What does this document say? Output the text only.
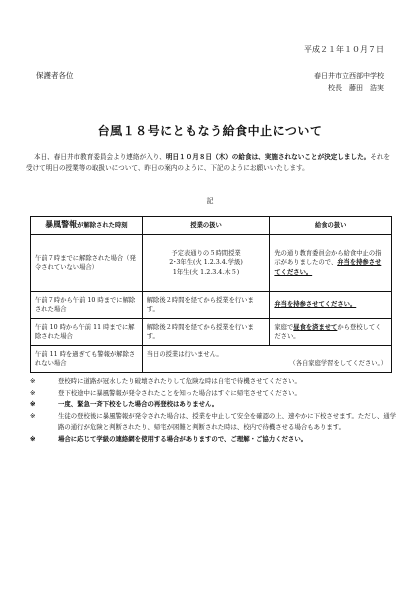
平成２１年１０月７日
保護者各位	春日井市立西部中学校
校長　藤田　浩実
台風１８号にともなう給食中止について
本日、春日井市教育委員会より連絡が入り、明日１０月８日（木）の給食は、実施されないことが決定しました。それを受けて明日の授業等の取扱いについて、昨日の案内のように、下記のようにお願いいたします。
記
暴風警報が解除された時刻	授業の扱い	給食の扱い
午前７時までに解除された場合（発令されていない場合）	予定表通りの５時間授業
2･3年生(火 1.2.3.4.学級)
1年生(火 1.2.3.4.木５)	先の通り教育委員会から給食中止の指示がありましたので、弁当を持参させてください。
午前７時から午前 10 時までに解除された場合	解除後２時間を経てから授業を行います。	弁当を持参させてください。
午前 10 時から午前 11 時までに解除された場合	解除後２時間を経てから授業を行います。	家庭で昼食を済ませてから登校してください。
午前 11 時を過ぎても警報が解除されない場合	当日の授業は行いません。
（各自家庭学習をしてください。）	
※	登校時に道路が冠水したり破壊されたりして危険な時は自宅で待機させてください。
※	登下校途中に暴風警報が発令されたことを知った場合はすぐに帰宅させてください。
※	一度、緊急一斉下校をした場合の再登校はありません。
※	生徒の登校後に暴風警報が発令された場合は、授業を中止して安全を確認の上、速やかに下校させます。ただし、通学路の通行が危険と判断されたり、帰宅が困難と判断された時は、校内で待機させる場合もあります。
※	場合に応じて学級の連絡網を使用する場合がありますので、ご理解・ご協力ください。
